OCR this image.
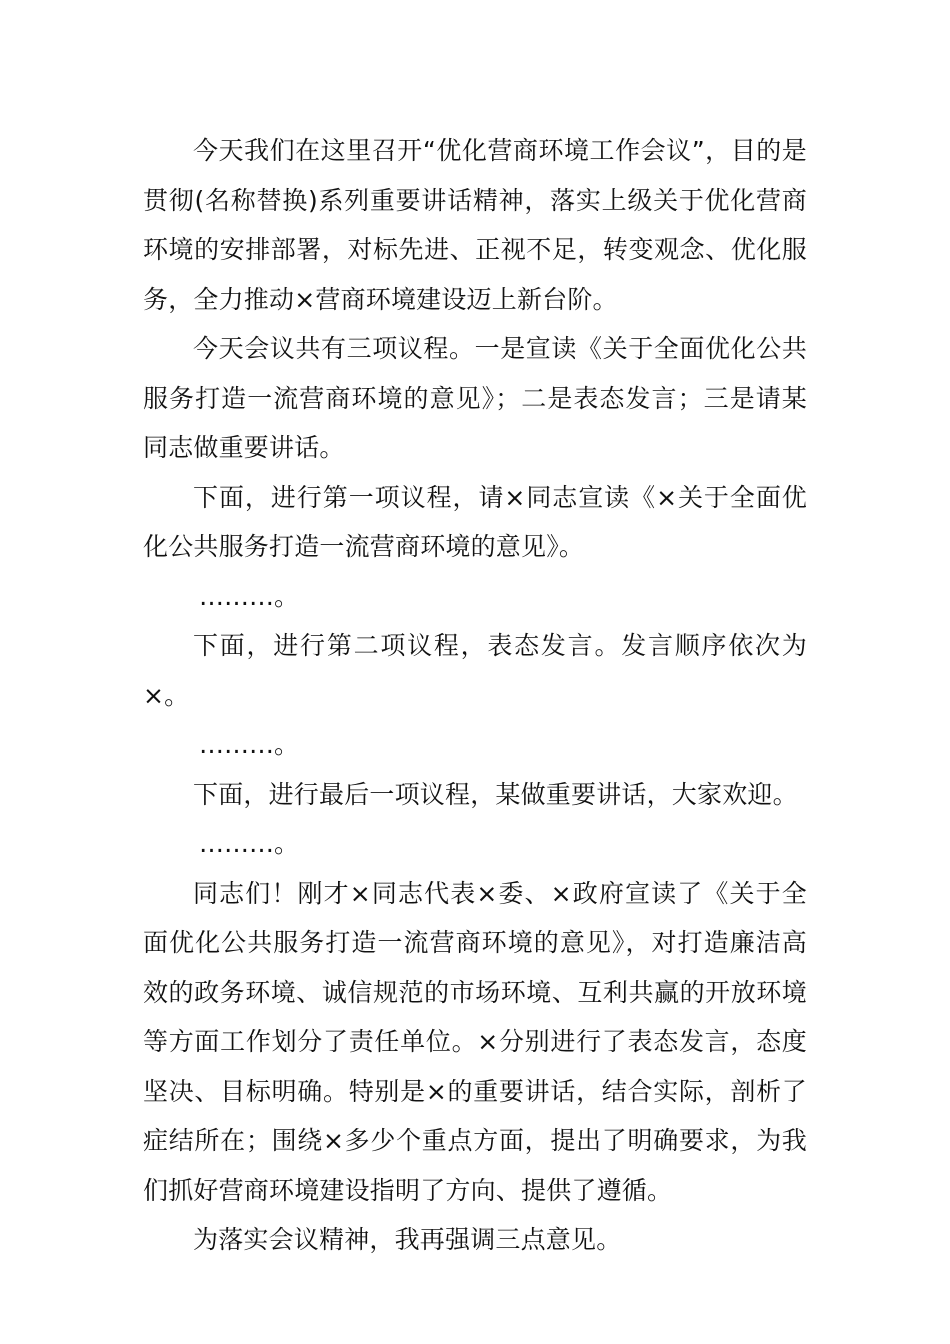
今天我们在这里召开“优化营商环境工作会议”，目的是贯彻(名称替换)系列重要讲话精神，落实上级关于优化营商环境的安排部署，对标先进、正视不足，转变观念、优化服务，全力推动×营商环境建设迈上新台阶。

今天会议共有三项议程。一是宣读《关于全面优化公共服务打造一流营商环境的意见》；二是表态发言；三是请某同志做重要讲话。

下面，进行第一项议程，请×同志宣读《×关于全面优化公共服务打造一流营商环境的意见》。

………。

下面，进行第二项议程，表态发言。发言顺序依次为×。

………。

下面，进行最后一项议程，某做重要讲话，大家欢迎。

………。

同志们！刚才×同志代表×委、×政府宣读了《关于全面优化公共服务打造一流营商环境的意见》，对打造廉洁高效的政务环境、诚信规范的市场环境、互利共赢的开放环境等方面工作划分了责任单位。×分别进行了表态发言，态度坚决、目标明确。特别是×的重要讲话，结合实际，剖析了症结所在；围绕×多少个重点方面，提出了明确要求，为我们抓好营商环境建设指明了方向、提供了遵循。

为落实会议精神，我再强调三点意见。
